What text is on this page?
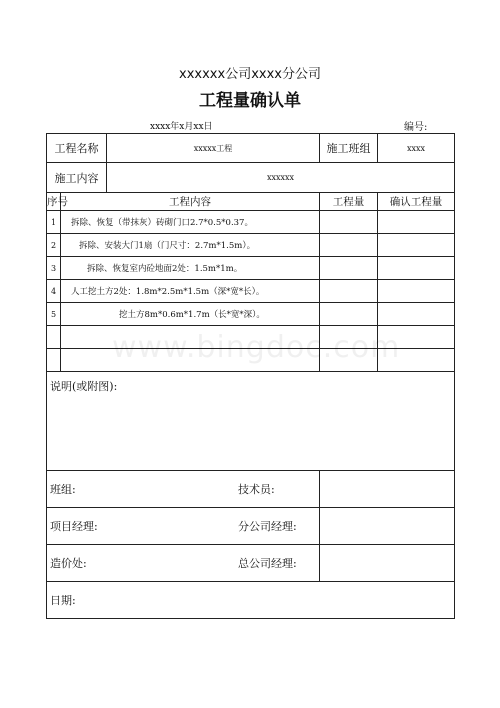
xxxxxx公司xxxx分公司
工程量确认单
xxxx年x月xx日	编号:
工程名称		xxxxx工程	施工班组	xxxx
施工内容		xxxxxx		
序号	工程内容		工程量	确认工程量
1	拆除、恢复（带抹灰）砖砌门口2.7*0.5*0.37。			
2	拆除、安装大门1扇（门尺寸：2.7m*1.5m）。			
3	拆除、恢复室内砼地面2处：1.5m*1m。			
4	人工挖土方2处：1.8m*2.5m*1.5m（深*宽*长）。			
5	挖土方8m*0.6m*1.7m（长*宽*深）。			

说明(或附图):				
班组:			技术员:	
项目经理:			分公司经理:	
造价处:			总公司经理:	
日期:				
www.bingdoc.com
